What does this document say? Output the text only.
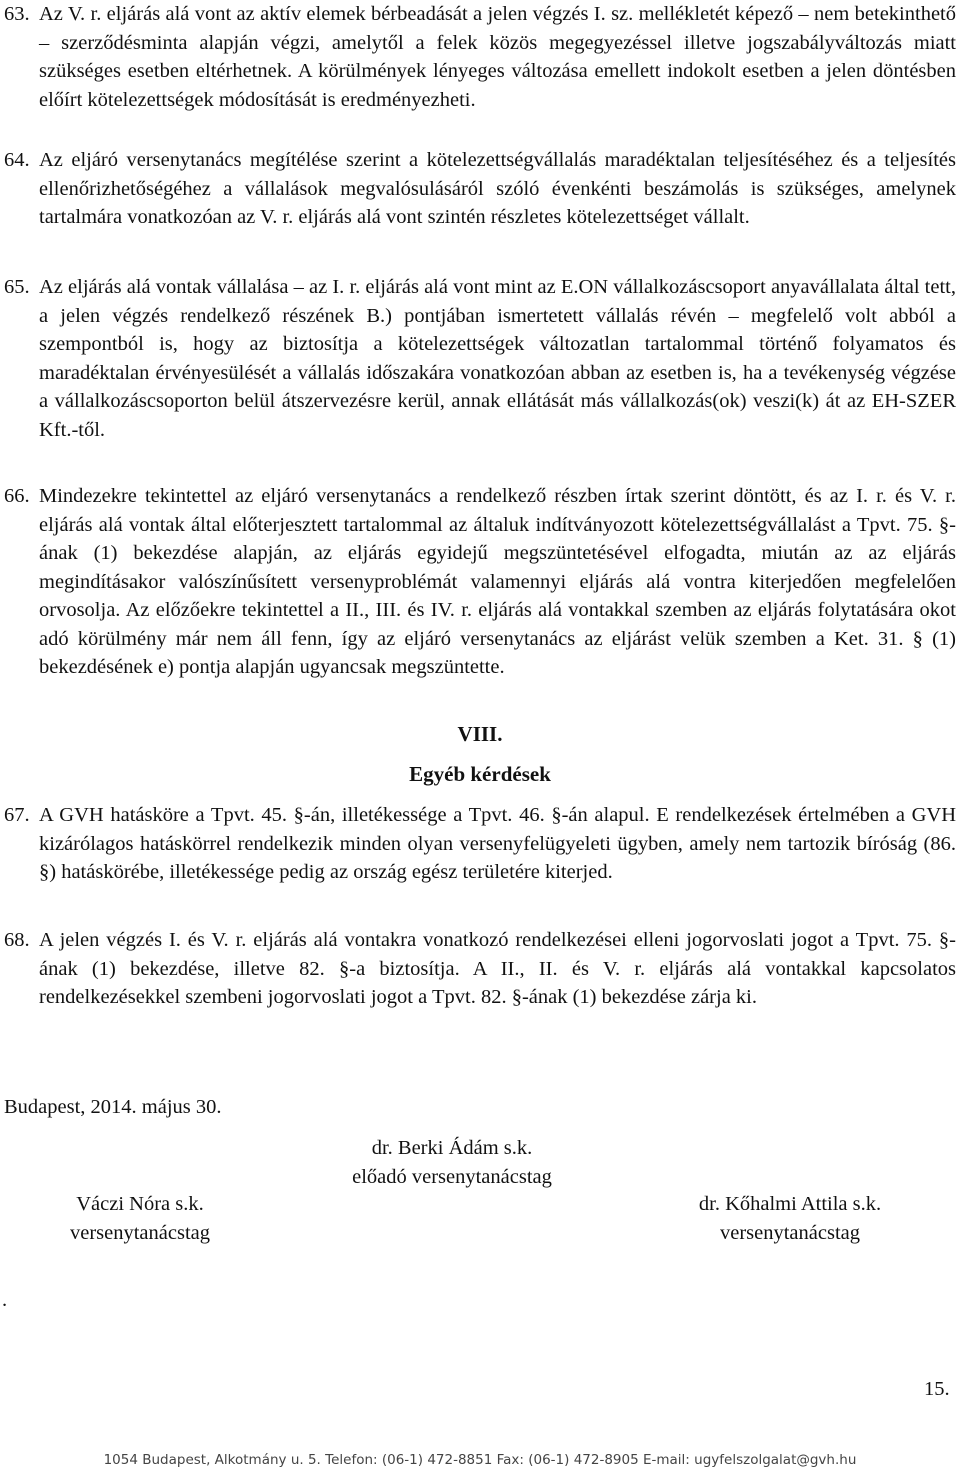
63. Az V. r. eljárás alá vont az aktív elemek bérbeadását a jelen végzés I. sz. mellékletét képező – nem betekinthető – szerződésminta alapján végzi, amelytől a felek közös megegyezéssel illetve jogszabályváltozás miatt szükséges esetben eltérhetnek. A körülmények lényeges változása emellett indokolt esetben a jelen döntésben előírt kötelezettségek módosítását is eredményezheti.
64. Az eljáró versenytanács megítélése szerint a kötelezettségvállalás maradéktalan teljesítéséhez és a teljesítés ellenőrizhetőségéhez a vállalások megvalósulásáról szóló évenkénti beszámolás is szükséges, amelynek tartalmára vonatkozóan az V. r. eljárás alá vont szintén részletes kötelezettséget vállalt.
65. Az eljárás alá vontak vállalása – az I. r. eljárás alá vont mint az E.ON vállalkozáscsoport anyavállalata által tett, a jelen végzés rendelkező részének B.) pontjában ismertetett vállalás révén – megfelelő volt abból a szempontból is, hogy az biztosítja a kötelezettségek változatlan tartalommal történő folyamatos és maradéktalan érvényesülését a vállalás időszakára vonatkozóan abban az esetben is, ha a tevékenység végzése a vállalkozáscsoporton belül átszervezésre kerül, annak ellátását más vállalkozás(ok) veszi(k) át az EH-SZER Kft.-től.
66. Mindezekre tekintettel az eljáró versenytanács a rendelkező részben írtak szerint döntött, és az I. r. és V. r. eljárás alá vontak által előterjesztett tartalommal az általuk indítványozott kötelezettségvállalást a Tpvt. 75. §-ának (1) bekezdése alapján, az eljárás egyidejű megszüntetésével elfogadta, miután az az eljárás megindításakor valószínűsített versenyproblémát valamennyi eljárás alá vontra kiterjedően megfelelően orvosolja. Az előzőekre tekintettel a II., III. és IV. r. eljárás alá vontakkal szemben az eljárás folytatására okot adó körülmény már nem áll fenn, így az eljáró versenytanács az eljárást velük szemben a Ket. 31. § (1) bekezdésének e) pontja alapján ugyancsak megszüntette.
VIII.
Egyéb kérdések
67. A GVH hatásköre a Tpvt. 45. §-án, illetékessége a Tpvt. 46. §-án alapul. E rendelkezések értelmében a GVH kizárólagos hatáskörrel rendelkezik minden olyan versenyfelügyeleti ügyben, amely nem tartozik bíróság (86. §) hatáskörébe, illetékessége pedig az ország egész területére kiterjed.
68. A jelen végzés I. és V. r. eljárás alá vontakra vonatkozó rendelkezései elleni jogorvoslati jogot a Tpvt. 75. §-ának (1) bekezdése, illetve 82. §-a biztosítja. A II., II. és V. r. eljárás alá vontakkal kapcsolatos rendelkezésekkel szembeni jogorvoslati jogot a Tpvt. 82. §-ának (1) bekezdése zárja ki.
Budapest, 2014. május 30.
dr. Berki Ádám s.k.
előadó versenytanácstag
Váczi Nóra s.k.
versenytanácstag
dr. Kőhalmi Attila s.k.
versenytanácstag
.
15.
1054 Budapest, Alkotmány u. 5. Telefon: (06-1) 472-8851 Fax: (06-1) 472-8905 E-mail: ugyfelszolgalat@gvh.hu
